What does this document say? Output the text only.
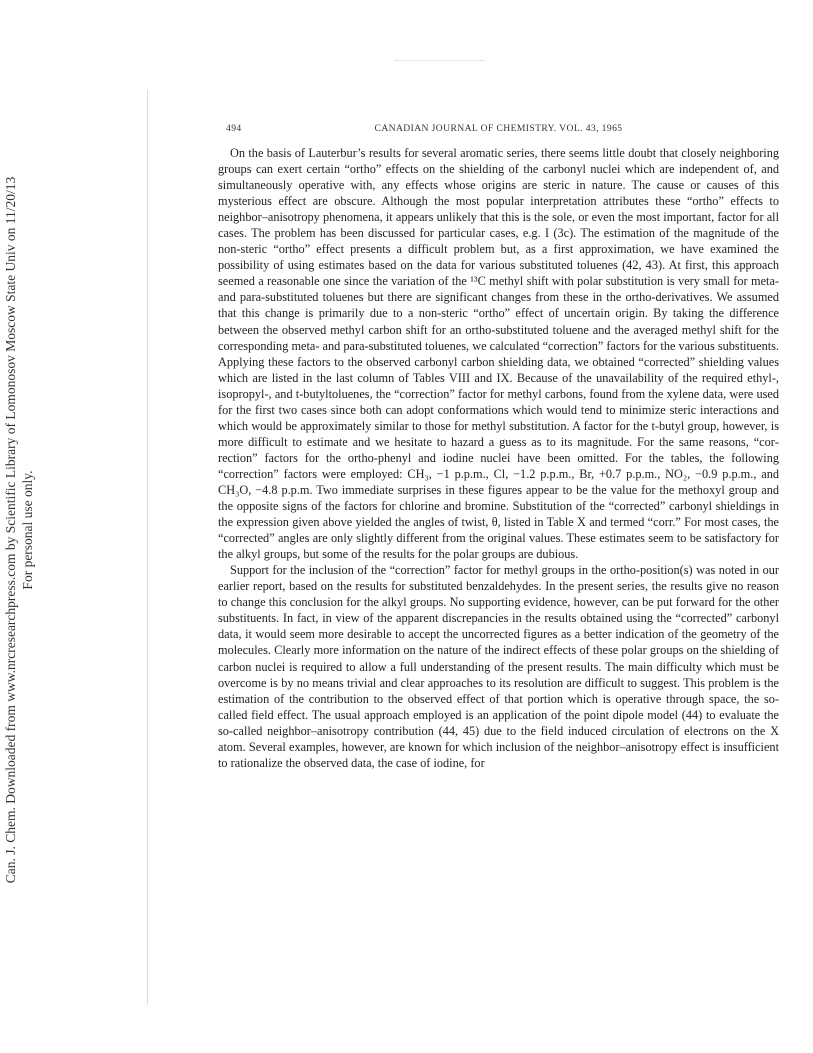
Can. J. Chem. Downloaded from www.nrcresearchpress.com by Scientific Library of Lomonosov Moscow State Univ on 11/20/13 For personal use only.
494	CANADIAN JOURNAL OF CHEMISTRY. VOL. 43, 1965

On the basis of Lauterbur’s results for several aromatic series, there seems little doubt that closely neighboring groups can exert certain “ortho” effects on the shielding of the carbonyl nuclei which are independent of, and simultaneously operative with, any effects whose origins are steric in nature. The cause or causes of this mysterious effect are obscure. Although the most popular interpretation attributes these “ortho” effects to neighbor–anisotropy phenomena, it appears unlikely that this is the sole, or even the most important, factor for all cases. The problem has been discussed for particular cases, e.g. I (3c). The estimation of the magnitude of the non-steric “ortho” effect presents a difficult problem but, as a first approximation, we have examined the possibility of using estimates based on the data for various substituted toluenes (42, 43). At first, this approach seemed a reasonable one since the variation of the ¹³C methyl shift with polar substitution is very small for meta- and para-substituted toluenes but there are significant changes from these in the ortho-derivatives. We assumed that this change is primarily due to a non-steric “ortho” effect of uncertain origin. By taking the difference between the observed methyl carbon shift for an ortho-substituted toluene and the averaged methyl shift for the corresponding meta- and para-substituted toluenes, we calculated “correction” factors for the various substituents. Applying these factors to the observed carbonyl carbon shielding data, we obtained “corrected” shielding values which are listed in the last column of Tables VIII and IX. Because of the unavailability of the required ethyl-, isopropyl-, and t-butyltoluenes, the “correction” factor for methyl carbons, found from the xylene data, were used for the first two cases since both can adopt conformations which would tend to minimize steric interactions and which would be approximately similar to those for methyl substitution. A factor for the t-butyl group, however, is more difficult to estimate and we hesitate to hazard a guess as to its magnitude. For the same reasons, “correction” factors for the ortho-phenyl and iodine nuclei have been omitted. For the tables, the following “correction” factors were employed: CH₃, −1 p.p.m., Cl, −1.2 p.p.m., Br, +0.7 p.p.m., NO₂, −0.9 p.p.m., and CH₃O, −4.8 p.p.m. Two immediate surprises in these figures appear to be the value for the methoxyl group and the opposite signs of the factors for chlorine and bromine. Substitution of the “corrected” carbonyl shieldings in the expression given above yielded the angles of twist, θ, listed in Table X and termed “corr.” For most cases, the “corrected” angles are only slightly different from the original values. These estimates seem to be satisfactory for the alkyl groups, but some of the results for the polar groups are dubious.

Support for the inclusion of the “correction” factor for methyl groups in the ortho-position(s) was noted in our earlier report, based on the results for substituted benzaldehydes. In the present series, the results give no reason to change this conclusion for the alkyl groups. No supporting evidence, however, can be put forward for the other substituents. In fact, in view of the apparent discrepancies in the results obtained using the “corrected” carbonyl data, it would seem more desirable to accept the uncorrected figures as a better indication of the geometry of the molecules. Clearly more information on the nature of the indirect effects of these polar groups on the shielding of carbon nuclei is required to allow a full understanding of the present results. The main difficulty which must be overcome is by no means trivial and clear approaches to its resolution are difficult to suggest. This problem is the estimation of the contribution to the observed effect of that portion which is operative through space, the so-called field effect. The usual approach employed is an application of the point dipole model (44) to evaluate the so-called neighbor–anisotropy contribution (44, 45) due to the field induced circulation of electrons on the X atom. Several examples, however, are known for which inclusion of the neighbor–anisotropy effect is insufficient to rationalize the observed data, the case of iodine, for
